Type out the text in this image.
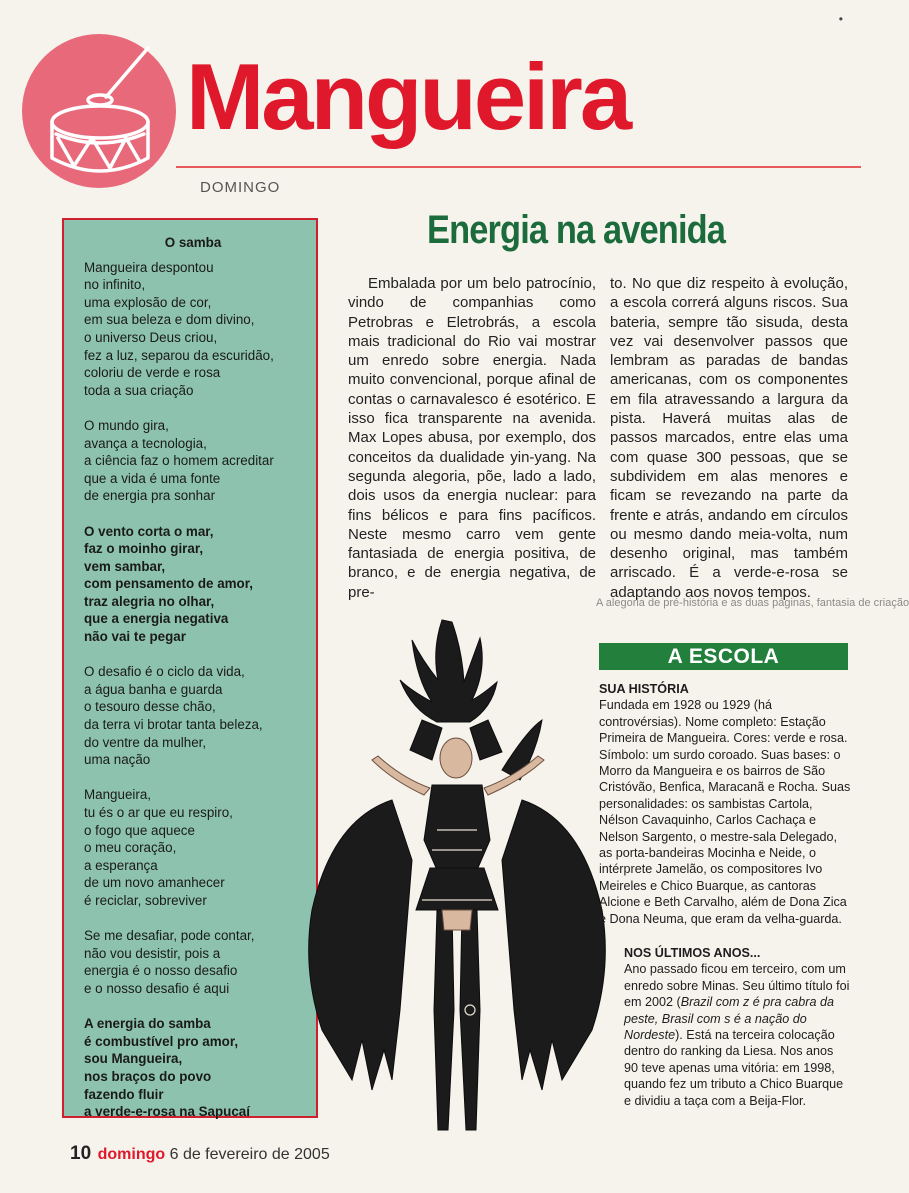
•
Mangueira
DOMINGO
O samba
Mangueira despontou
no infinito,
uma explosão de cor,
em sua beleza e dom divino,
o universo Deus criou,
fez a luz, separou da escuridão,
coloriu de verde e rosa
toda a sua criação
O mundo gira,
avança a tecnologia,
a ciência faz o homem acreditar
que a vida é uma fonte
de energia pra sonhar
O vento corta o mar,
faz o moinho girar,
vem sambar,
com pensamento de amor,
traz alegria no olhar,
que a energia negativa
não vai te pegar
O desafio é o ciclo da vida,
a água banha e guarda
o tesouro desse chão,
da terra vi brotar tanta beleza,
do ventre da mulher,
uma nação
Mangueira,
tu és o ar que eu respiro,
o fogo que aquece
o meu coração,
a esperança
de um novo amanhecer
é reciclar, sobreviver
Se me desafiar, pode contar,
não vou desistir, pois a
energia é o nosso desafio
e o nosso desafio é aqui
A energia do samba
é combustível pro amor,
sou Mangueira,
nos braços do povo
fazendo fluir
a verde-e-rosa na Sapucaí
Energia na avenida

Embalada por um belo patrocínio, vindo de companhias como Petrobras e Eletrobrás, a escola mais tradicional do Rio vai mostrar um enredo sobre energia. Nada muito convencional, porque afinal de contas o carnavalesco é esotérico. E isso fica transparente na avenida. Max Lopes abusa, por exemplo, dos conceitos da dualidade yin-yang. Na segunda alegoria, põe, lado a lado, dois usos da energia nuclear: para fins bélicos e para fins pacíficos. Neste mesmo carro vem gente fantasiada de energia positiva, de branco, e de energia negativa, de pre-

to. No que diz respeito à evolução, a escola correrá alguns riscos. Sua bateria, sempre tão sisuda, desta vez vai desenvolver passos que lembram as paradas de bandas americanas, com os componentes em fila atravessando a largura da pista. Haverá muitas alas de passos marcados, entre elas uma com quase 300 pessoas, que se subdividem em alas menores e ficam se revezando na parte da frente e atrás, andando em círculos ou mesmo dando meia-volta, num desenho original, mas também arriscado. É a verde-e-rosa se adaptando aos novos tempos.

A alegoria de pré-história e as duas páginas, fantasia de criação
A ESCOLA
SUA HISTÓRIA

Fundada em 1928 ou 1929 (há controvérsias). Nome completo: Estação Primeira de Mangueira. Cores: verde e rosa. Símbolo: um surdo coroado. Suas bases: o Morro da Mangueira e os bairros de São Cristóvão, Benfica, Maracanã e Rocha. Suas personalidades: os sambistas Cartola, Nélson Cavaquinho, Carlos Cachaça e Nelson Sargento, o mestre-sala Delegado, as porta-bandeiras Mocinha e Neide, o intérprete Jamelão, os compositores Ivo Meireles e Chico Buarque, as cantoras Alcione e Beth Carvalho, além de Dona Zica e Dona Neuma, que eram da velha-guarda.

NOS ÚLTIMOS ANOS...

Ano passado ficou em terceiro, com um enredo sobre Minas. Seu último título foi em 2002 (Brazil com z é pra cabra da peste, Brasil com s é a nação do Nordeste). Está na terceira colocação dentro do ranking da Liesa. Nos anos 90 teve apenas uma vitória: em 1998, quando fez um tributo a Chico Buarque e dividiu a taça com a Beija-Flor.

10 domingo 6 de fevereiro de 2005
